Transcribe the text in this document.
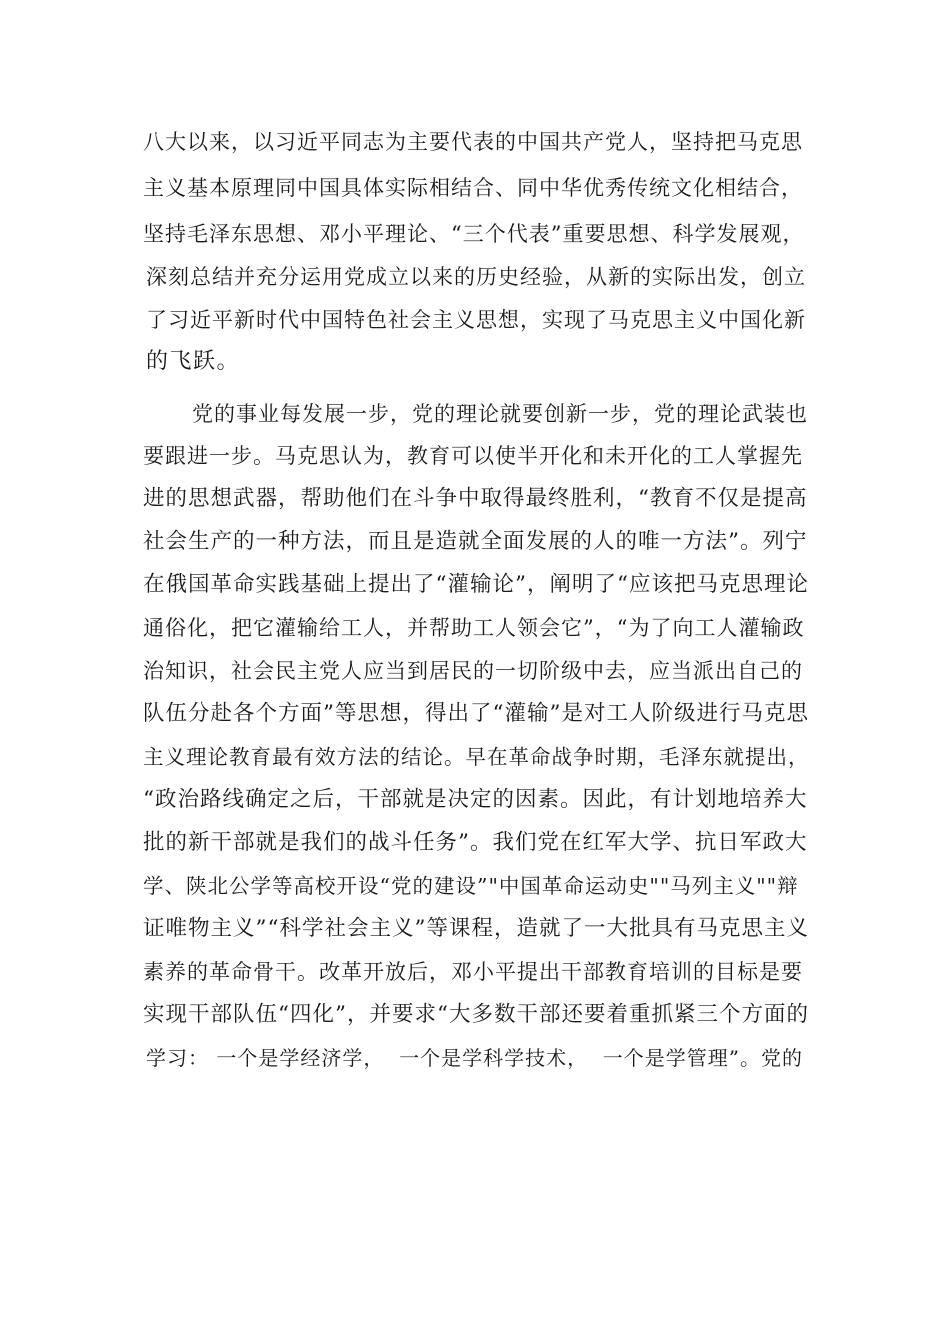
八大以来，以习近平同志为主要代表的中国共产党人，坚持把马克思
主义基本原理同中国具体实际相结合、同中华优秀传统文化相结合，
坚持毛泽东思想、邓小平理论、“三个代表”重要思想、科学发展观，
深刻总结并充分运用党成立以来的历史经验，从新的实际出发，创立
了习近平新时代中国特色社会主义思想，实现了马克思主义中国化新
的飞跃。
党的事业每发展一步，党的理论就要创新一步，党的理论武装也
要跟进一步。马克思认为，教育可以使半开化和未开化的工人掌握先
进的思想武器，帮助他们在斗争中取得最终胜利，“教育不仅是提高
社会生产的一种方法，而且是造就全面发展的人的唯一方法”。列宁
在俄国革命实践基础上提出了“灌输论”，阐明了“应该把马克思理论
通俗化，把它灌输给工人，并帮助工人领会它”，“为了向工人灌输政
治知识，社会民主党人应当到居民的一切阶级中去，应当派出自己的
队伍分赴各个方面”等思想，得出了“灌输”是对工人阶级进行马克思
主义理论教育最有效方法的结论。早在革命战争时期，毛泽东就提出，
“政治路线确定之后，干部就是决定的因素。因此，有计划地培养大
批的新干部就是我们的战斗任务”。我们党在红军大学、抗日军政大
学、陕北公学等高校开设“党的建设”"中国革命运动史""马列主义""辩
证唯物主义”“科学社会主义”等课程，造就了一大批具有马克思主义
素养的革命骨干。改革开放后，邓小平提出干部教育培训的目标是要
实现干部队伍“四化”，并要求“大多数干部还要着重抓紧三个方面的
学习： 一个是学经济学，  一个是学科学技术，  一个是学管理”。党的
